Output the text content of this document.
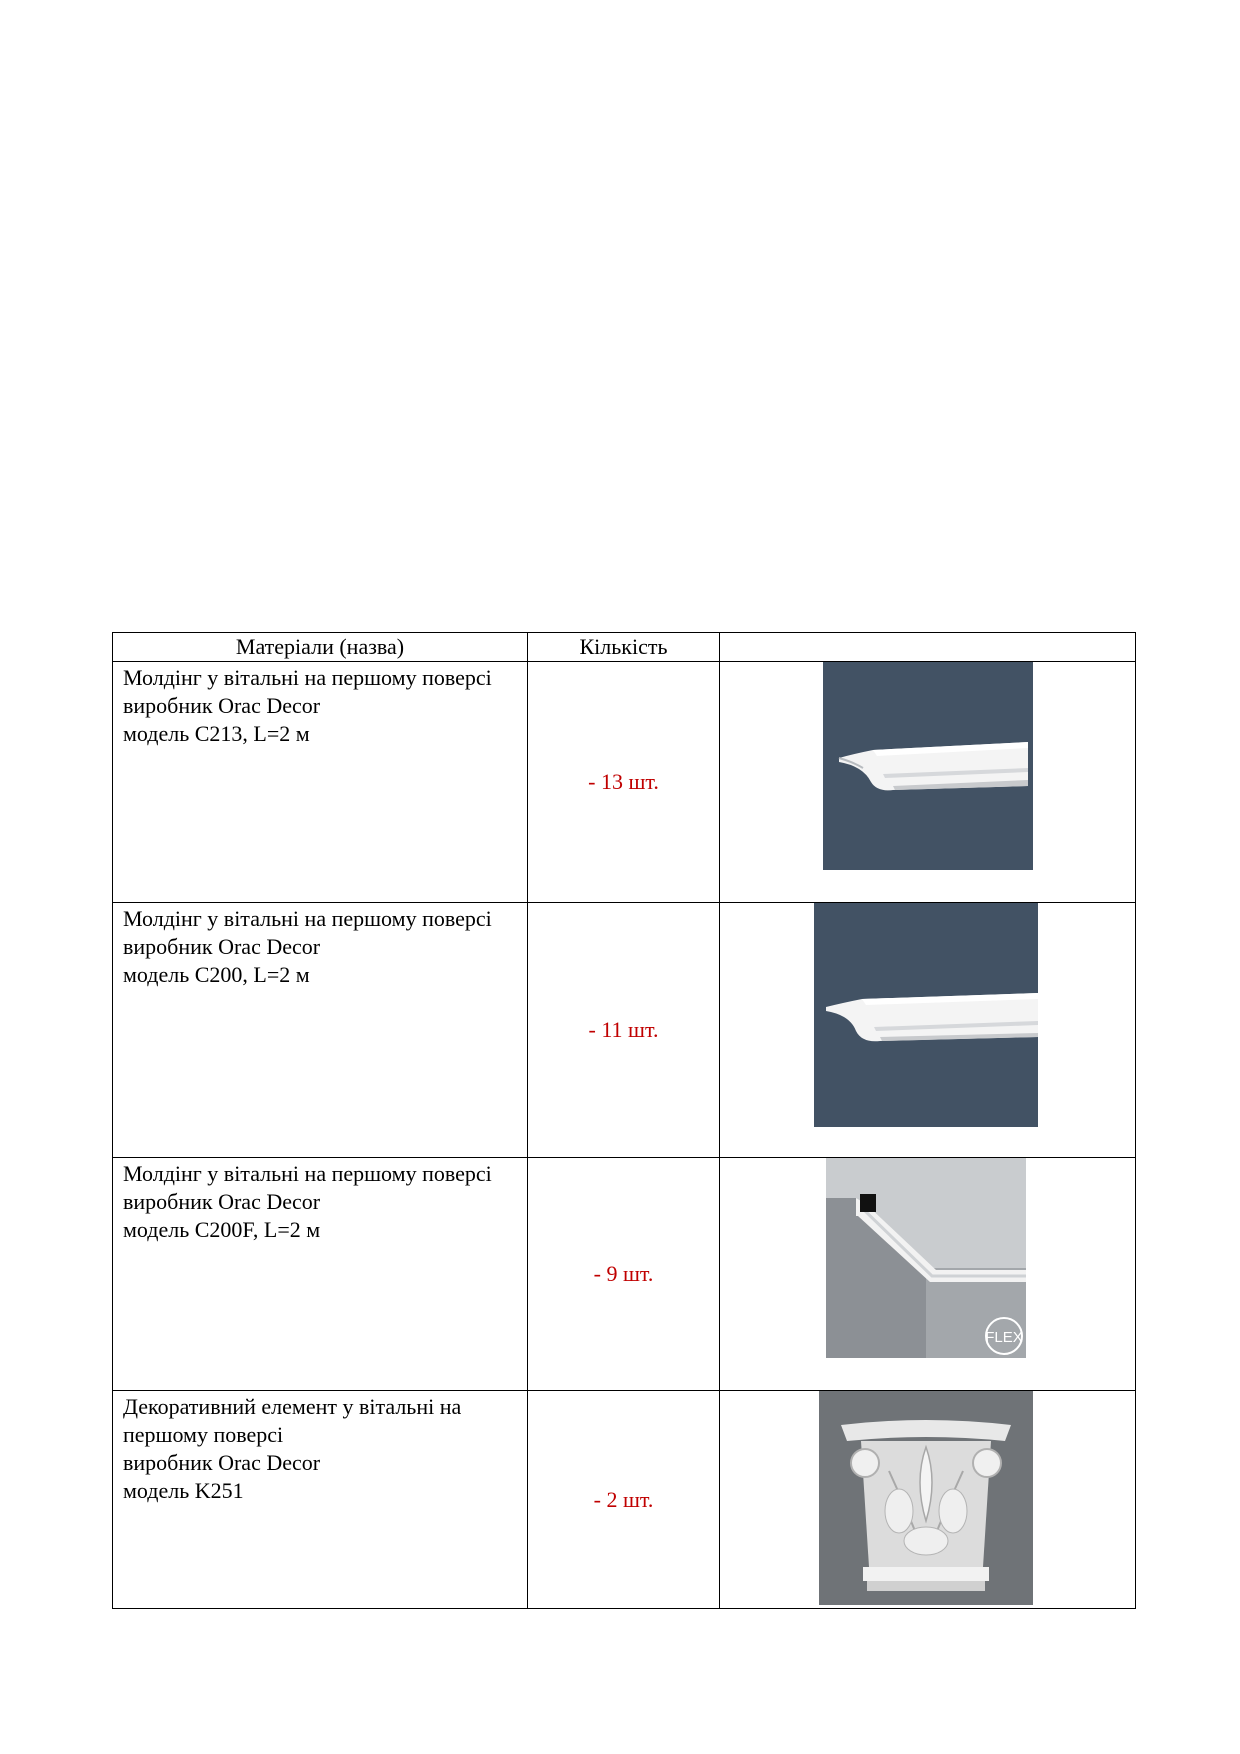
Матеріали (назва)	Кількість	

Молдінг у вітальні на першому поверсі
виробник Orac Decor
модель C213, L=2 м	- 13 шт.	

Молдінг у вітальні на першому поверсі
виробник Orac Decor
модель C200, L=2 м	- 11 шт.	

Молдінг у вітальні на першому поверсі
виробник Orac Decor
модель C200F, L=2 м	- 9 шт.	FLEX

Декоративний елемент у вітальні на першому поверсі
виробник Orac Decor
модель K251	- 2 шт.	
